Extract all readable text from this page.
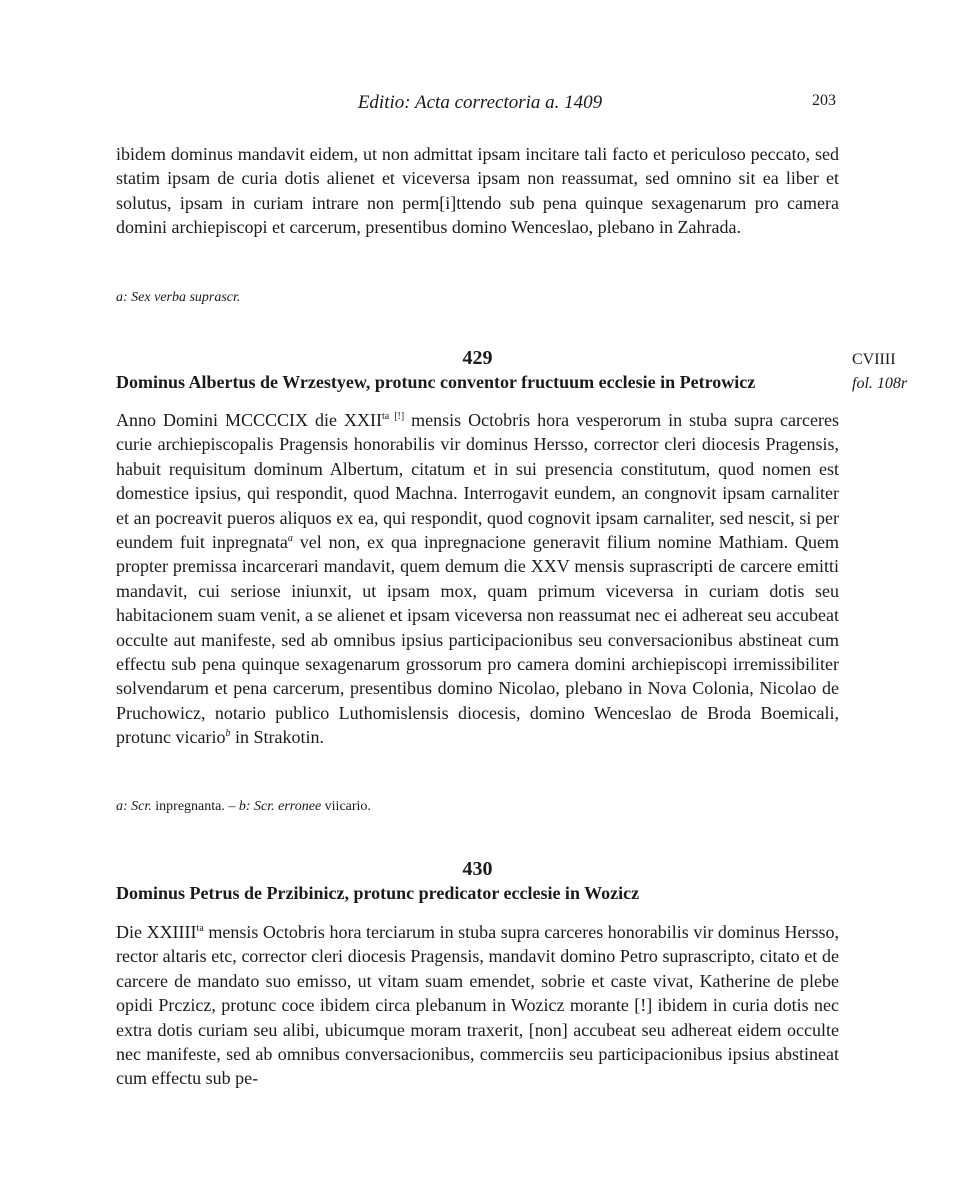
Editio: Acta correctoria a. 1409	203

ibidem dominus mandavit eidem, ut non admittat ipsam incitare tali facto et periculoso peccato, sed statim ipsam de curia dotis alienet et viceversa ipsam non reassumat, sed omnino sit ea liber et solutus, ipsam in curiam intrare non perm[i]ttendo sub pena quinque sexagenarum pro camera domini archiepiscopi et carcerum, presentibus domino Wenceslao, plebano in Zahrada.

a: Sex verba suprascr.

429

Dominus Albertus de Wrzestyew, protunc conventor fructuum ecclesie in Petrowicz

CVIIII
fol. 108r

Anno Domini MCCCCIX die $XXII^{ta [!]}$ mensis Octobris hora vesperorum in stuba supra carceres curie archiepiscopalis Pragensis honorabilis vir dominus Hersso, corrector cleri diocesis Pragensis, habuit requisitum dominum Albertum, citatum et in sui presencia constitutum, quod nomen est domestice ipsius, qui respondit, quod Machna. Interrogavit eundem, an congnovit ipsam carnaliter et an pocreavit pueros aliquos ex ea, qui respondit, quod cognovit ipsam carnaliter, sed nescit, si per eundem fuit inpregnata$^a$ vel non, ex qua inpregnacione generavit filium nomine Mathiam. Quem propter premissa incarcerari mandavit, quem demum die XXV mensis suprascripti de carcere emitti mandavit, cui seriose iniunxit, ut ipsam mox, quam primum viceversa in curiam dotis seu habitacionem suam venit, a se alienet et ipsam viceversa non reassumat nec ei adhereat seu accubeat occulte aut manifeste, sed ab omnibus ipsius participacionibus seu conversacionibus abstineat cum effectu sub pena quinque sexagenarum grossorum pro camera domini archiepiscopi irremissibiliter solvendarum et pena carcerum, presentibus domino Nicolao, plebano in Nova Colonia, Nicolao de Pruchowicz, notario publico Luthomislensis diocesis, domino Wenceslao de Broda Boemicali, protunc vicario$^b$ in Strakotin.

a: Scr. inpregnanta. – b: Scr. erronee viicario.

430

Dominus Petrus de Przibinicz, protunc predicator ecclesie in Wozicz

Die $XXIIII^{ta}$ mensis Octobris hora terciarum in stuba supra carceres honorabilis vir dominus Hersso, rector altaris etc, corrector cleri diocesis Pragensis, mandavit domino Petro suprascripto, citato et de carcere de mandato suo emisso, ut vitam suam emendet, sobrie et caste vivat, Katherine de plebe opidi Prczicz, protunc coce ibidem circa plebanum in Wozicz morante [!] ibidem in curia dotis nec extra dotis curiam seu alibi, ubicumque moram traxerit, [non] accubeat seu adhereat eidem occulte nec manifeste, sed ab omnibus conversacionibus, commerciis seu participacionibus ipsius abstineat cum effectu sub pe-
